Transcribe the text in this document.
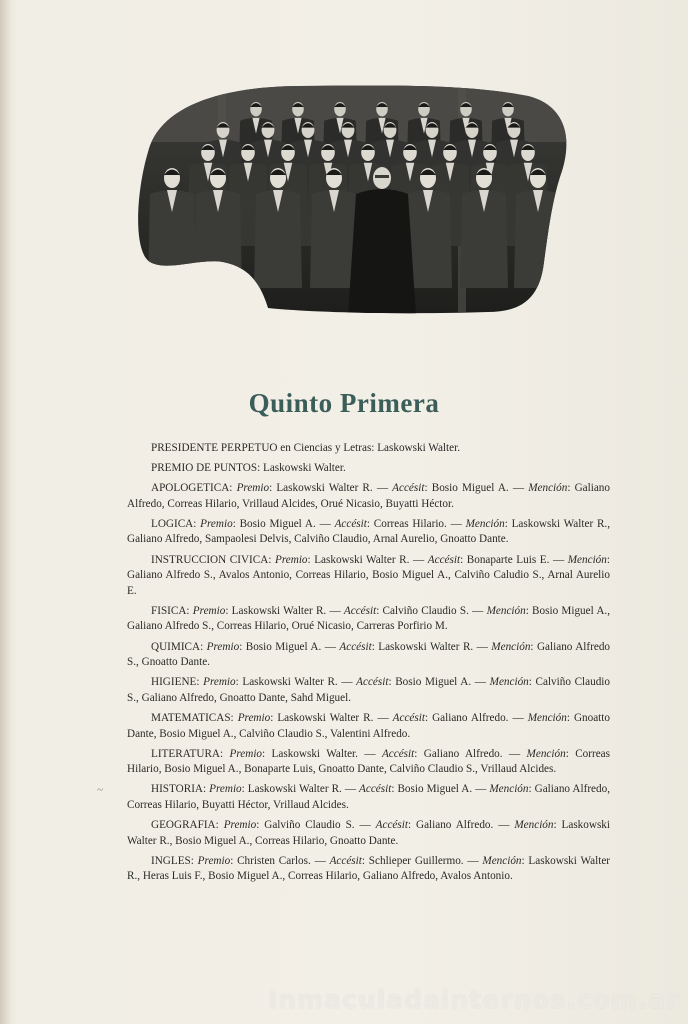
Quinto Primera

PRESIDENTE PERPETUO en Ciencias y Letras: Laskowski Walter.

PREMIO DE PUNTOS: Laskowski Walter.

APOLOGETICA: Premio: Laskowski Walter R. — Accésit: Bosio Miguel A. — Mención: Galiano Alfredo, Correas Hilario, Vrillaud Alcides, Orué Nicasio, Buyatti Héctor.

LOGICA: Premio: Bosio Miguel A. — Accésit: Correas Hilario. — Mención: Laskowski Walter R., Galiano Alfredo, Sampaolesi Delvis, Calviño Claudio, Arnal Aurelio, Gnoatto Dante.

INSTRUCCION CIVICA: Premio: Laskowski Walter R. — Accésit: Bonaparte Luis E. — Mención: Galiano Alfredo S., Avalos Antonio, Correas Hilario, Bosio Miguel A., Calviño Caludio S., Arnal Aurelio E.

FISICA: Premio: Laskowski Walter R. — Accésit: Calviño Claudio S. — Mención: Bosio Miguel A., Galiano Alfredo S., Correas Hilario, Orué Nicasio, Carreras Porfirio M.

QUIMICA: Premio: Bosio Miguel A. — Accésit: Laskowski Walter R. — Mención: Galiano Alfredo S., Gnoatto Dante.

HIGIENE: Premio: Laskowski Walter R. — Accésit: Bosio Miguel A. — Mención: Calviño Claudio S., Galiano Alfredo, Gnoatto Dante, Sahd Miguel.

MATEMATICAS: Premio: Laskowski Walter R. — Accésit: Galiano Alfredo. — Mención: Gnoatto Dante, Bosio Miguel A., Calviño Claudio S., Valentini Alfredo.

LITERATURA: Premio: Laskowski Walter. — Accésit: Galiano Alfredo. — Mención: Correas Hilario, Bosio Miguel A., Bonaparte Luis, Gnoatto Dante, Calviño Claudio S., Vrillaud Alcides.

HISTORIA: Premio: Laskowski Walter R. — Accésit: Bosio Miguel A. — Mención: Galiano Alfredo, Correas Hilario, Buyatti Héctor, Vrillaud Alcides.

GEOGRAFIA: Premio: Galviño Claudio S. — Accésit: Galiano Alfredo. — Mención: Laskowski Walter R., Bosio Miguel A., Correas Hilario, Gnoatto Dante.

INGLES: Premio: Christen Carlos. — Accésit: Schlieper Guillermo. — Mención: Laskowski Walter R., Heras Luis F., Bosio Miguel A., Correas Hilario, Galiano Alfredo, Avalos Antonio.

~
Inmaculadainternos.com.ar
